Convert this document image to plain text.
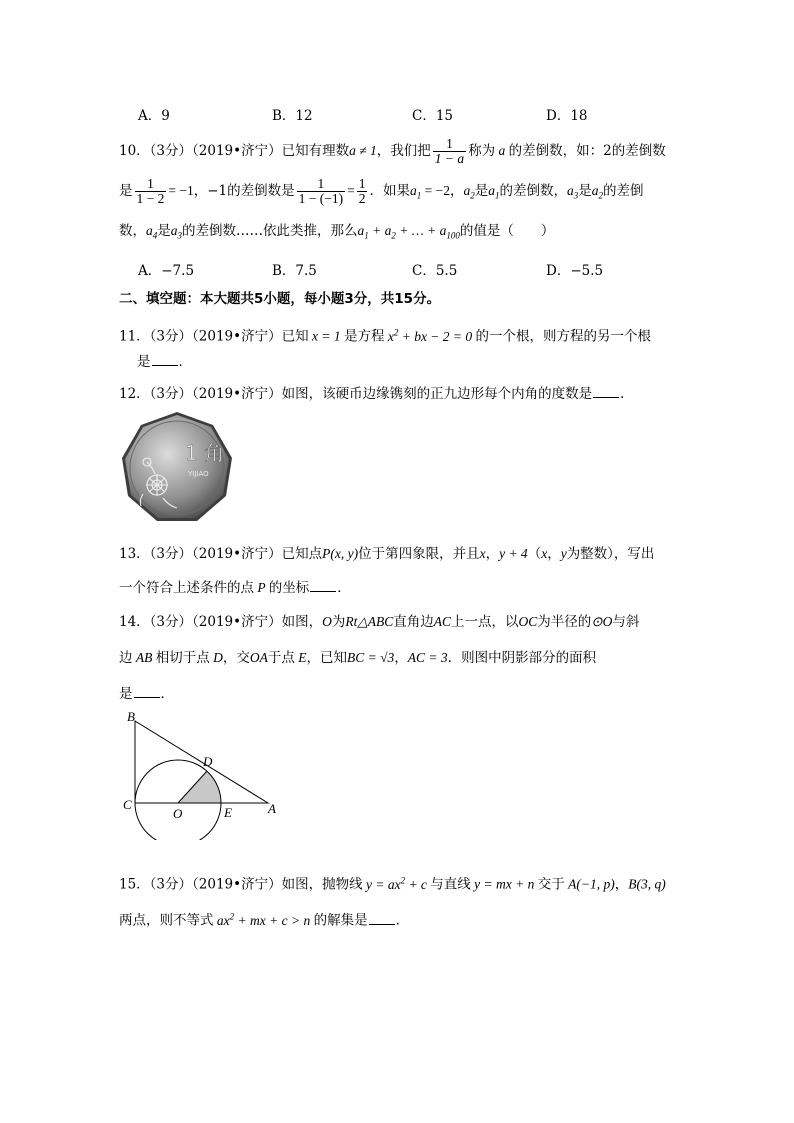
A．9	B．12	C．15	D．18
10．（3分）（2019•济宁）已知有理数a ≠ 1，我们把 $\frac{1}{1 - a}$ 称为 a 的差倒数，如：2的差倒数
是 $\frac{1}{1 - 2} = -1$，−1的差倒数是 $\frac{1}{1 - (-1)} = \frac{1}{2}$ ．如果$a_1 = -2$，$a_2$是$a_1$的差倒数，$a_3$是$a_2$的差倒
数，$a_4$是$a_3$的差倒数……依此类推，那么$a_1 + a_2$ + … + $a_{100}$的值是（　　）
A．−7.5	B．7.5	C．5.5	D．−5.5
二、填空题：本大题共5小题，每小题3分，共15分。
11．（3分）（2019•济宁）已知 x = 1 是方程 $x^2$ + bx − 2 = 0 的一个根，则方程的另一个根
是 ．
12．（3分）（2019•济宁）如图，该硬币边缘镌刻的正九边形每个内角的度数是 ．
1 角
YIJIAO
13．（3分）（2019•济宁）已知点P(x, y)位于第四象限，并且x，y + 4（x，y为整数），写出
一个符合上述条件的点 P 的坐标 ．
14．（3分）（2019•济宁）如图，O为Rt△ABC直角边AC上一点，以OC为半径的⊙O与斜
边 AB 相切于点 D，交OA于点 E，已知BC = √3，AC = 3．则图中阴影部分的面积
是 ．
B
D
C
O	E	A
15．（3分）（2019•济宁）如图，抛物线 $y = ax^2 + c$ 与直线 y = mx + n 交于 A(−1, p)，B(3, q)
两点，则不等式 $ax^2$ + mx + c > n 的解集是 ．
